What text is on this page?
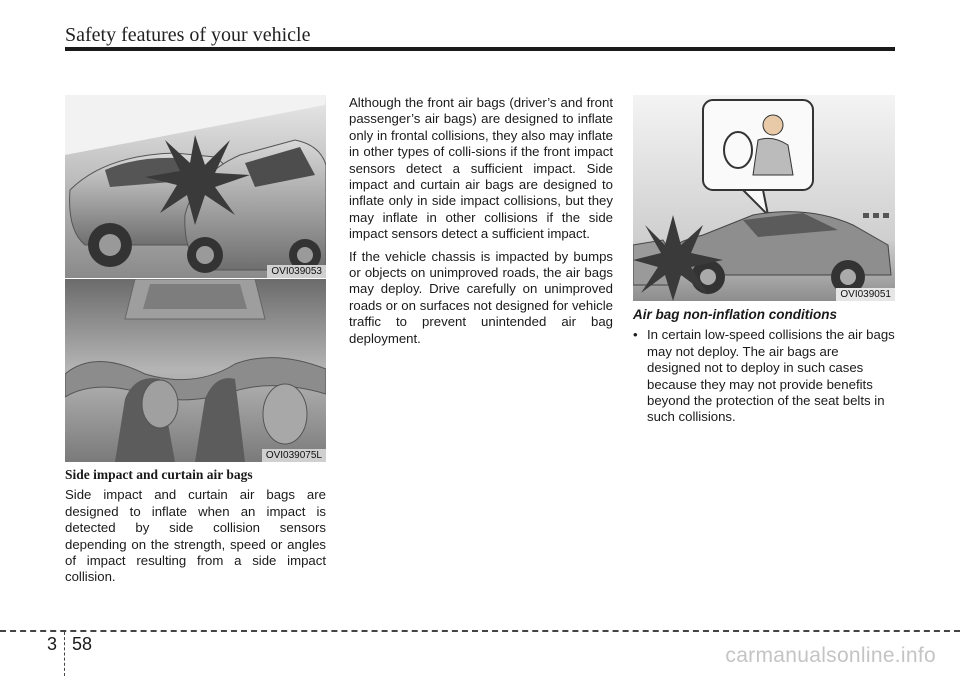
Safety features of your vehicle
OVI039053
OVI039075L
Side impact and curtain air bags

Side impact and curtain air bags are designed to inflate when an impact is detected by side collision sensors depending on the strength, speed or angles of impact resulting from a side impact collision.

Although the front air bags (driver’s and front passenger’s air bags) are designed to inflate only in frontal collisions, they also may inflate in other types of colli-sions if the front impact sensors detect a sufficient impact. Side impact and curtain air bags are designed to inflate only in side impact collisions, but they may inflate in other collisions if the side impact sensors detect a sufficient impact.

If the vehicle chassis is impacted by bumps or objects on unimproved roads, the air bags may deploy. Drive carefully on unimproved roads or on surfaces not designed for vehicle traffic to prevent unintended air bag deployment.

OVI039051
Air bag non-inflation conditions
• In certain low-speed collisions the air bags may not deploy. The air bags are designed not to deploy in such cases because they may not provide benefits beyond the protection of the seat belts in such collisions.
3 58	carmanualsonline.info
